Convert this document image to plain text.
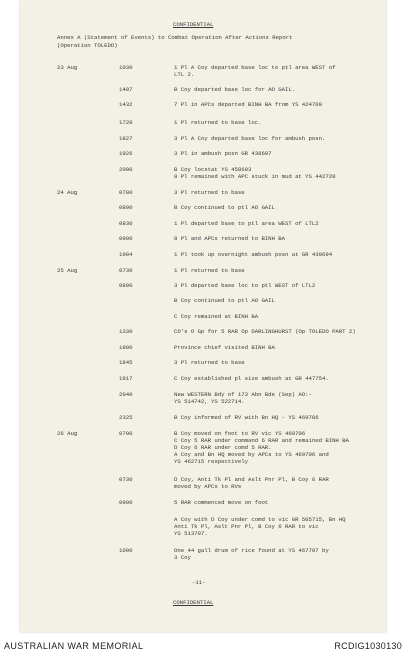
CONFIDENTIAL
Annex A (Statement of Events) to Combat Operation After Actions Report
(Operation TOLEDO)
23 Aug	1030	1 Pl A Coy departed base loc to ptl area WEST of
LTL 2.
1407	B Coy departed base loc for AO GAIL.
1432	7 Pl in APCs departed BINH BA from YS 424709
1720	1 Pl returned to base loc.
1827	3 Pl A Coy departed base loc for ambush posn.
1926	3 Pl in ambush posn GR 438697
2000	B Coy locstat YS 458693
8 Pl remained with APC stuck in mud at YS 442728
24 Aug	0700	3 Pl returned to base
0800	B Coy continued to ptl AO GAIL
0830	1 Pl departed base to ptl area WEST of LTL2
0900	8 Pl and APCs returned to BINH BA
1904	1 Pl took up overnight ambush posn at GR 439694
25 Aug	0730	1 Pl returned to base
0800	3 Pl departed base loc to ptl WEST of LTL2
B Coy continued to ptl AO GAIL
C Coy remained at BINH BA
1330	CO's O Gp for 5 RAR Op DARLINGHURST (Op TOLEDO PART 2)
1800	Province chief visited BINH BA
1845	3 Pl returned to base
1917	C Coy established pl size ambush at GR 447754.
2040	New WESTERN Bdy of 173 Abn Bde (Sep) AO:-
YS 514742, YS 522714.
2325	B Coy informed of RV with Bn HQ - YS 469706
26 Aug	0700	B Coy moved on foot to RV vic YS 469706
C Coy 5 RAR under command 6 RAR and remained BINH BA
D Coy 6 RAR under comd 5 RAR.
A Coy and Bn HQ moved by APCs to YS 469706 and
YS 462715 respectively
0730	D Coy, Anti Tk Pl and Aslt Pnr Pl, B Coy 6 RAR
moved by APCs to RVs
0900	5 RAR commenced move on foot
A Coy with D Coy under comd to vic GR 505715, Bn HQ
Anti Tk Pl, Aslt Pnr Pl, B Coy 6 RAR to vic
YS 513707.
1000	One 44 gall drum of rice found at YS 467707 by
3 Coy
-11-
CONFIDENTIAL
AUSTRALIAN WAR MEMORIAL	RCDIG1030130
